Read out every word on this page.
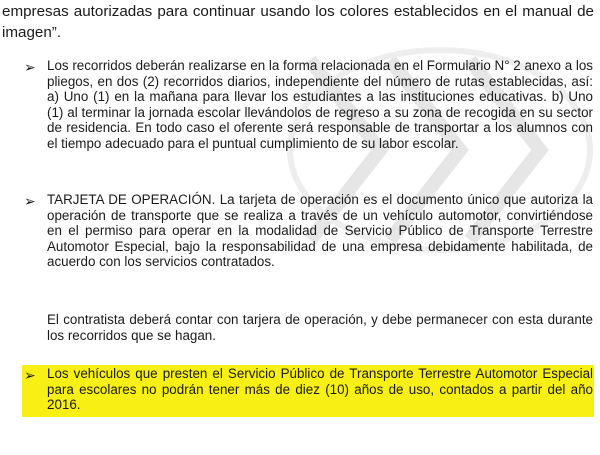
empresas autorizadas para continuar usando los colores establecidos en el manual de imagen”.

➢ Los recorridos deberán realizarse en la forma relacionada en el Formulario N° 2 anexo a los pliegos, en dos (2) recorridos diarios, independiente del número de rutas establecidas, así: a) Uno (1) en la mañana para llevar los estudiantes a las instituciones educativas. b) Uno (1) al terminar la jornada escolar llevándolos de regreso a su zona de recogida en su sector de residencia. En todo caso el oferente será responsable de transportar a los alumnos con el tiempo adecuado para el puntual cumplimiento de su labor escolar.

➢ TARJETA DE OPERACIÓN. La tarjeta de operación es el documento único que autoriza la operación de transporte que se realiza a través de un vehículo automotor, convirtiéndose en el permiso para operar en la modalidad de Servicio Público de Transporte Terrestre Automotor Especial, bajo la responsabilidad de una empresa debidamente habilitada, de acuerdo con los servicios contratados.

El contratista deberá contar con tarjera de operación, y debe permanecer con esta durante los recorridos que se hagan.

➢ Los vehículos que presten el Servicio Público de Transporte Terrestre Automotor Especial para escolares no podrán tener más de diez (10) años de uso, contados a partir del año 2016.
